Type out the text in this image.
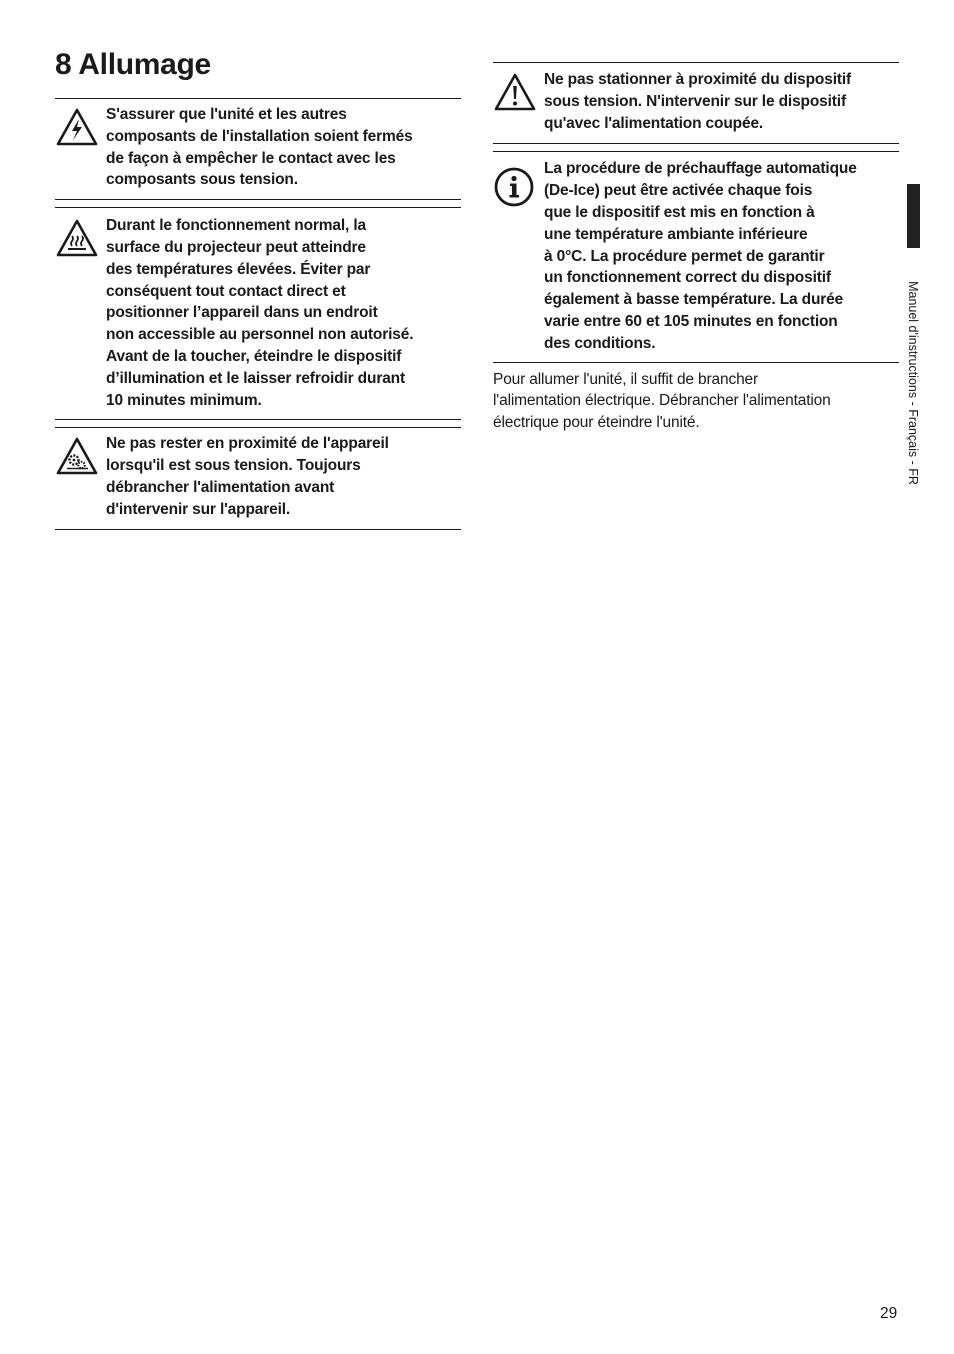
8 Allumage
S'assurer que l'unité et les autres
composants de l'installation soient fermés
de façon à empêcher le contact avec les
composants sous tension.
Durant le fonctionnement normal, la
surface du projecteur peut atteindre
des températures élevées. Éviter par
conséquent tout contact direct et
positionner l’appareil dans un endroit
non accessible au personnel non autorisé.
Avant de la toucher, éteindre le dispositif
d’illumination et le laisser refroidir durant
10 minutes minimum.
Ne pas rester en proximité de l'appareil
lorsqu'il est sous tension. Toujours
débrancher l'alimentation avant
d'intervenir sur l'appareil.
Ne pas stationner à proximité du dispositif
sous tension. N'intervenir sur le dispositif
qu'avec l'alimentation coupée.
La procédure de préchauffage automatique
(De-Ice) peut être activée chaque fois
que le dispositif est mis en fonction à
une température ambiante inférieure
à 0°C. La procédure permet de garantir
un fonctionnement correct du dispositif
également à basse température. La durée
varie entre 60 et 105 minutes en fonction
des conditions.

Pour allumer l'unité, il suffit de brancher
l'alimentation électrique. Débrancher l'alimentation
électrique pour éteindre l'unité.	Manuel d'instructions - Français - FR
29
